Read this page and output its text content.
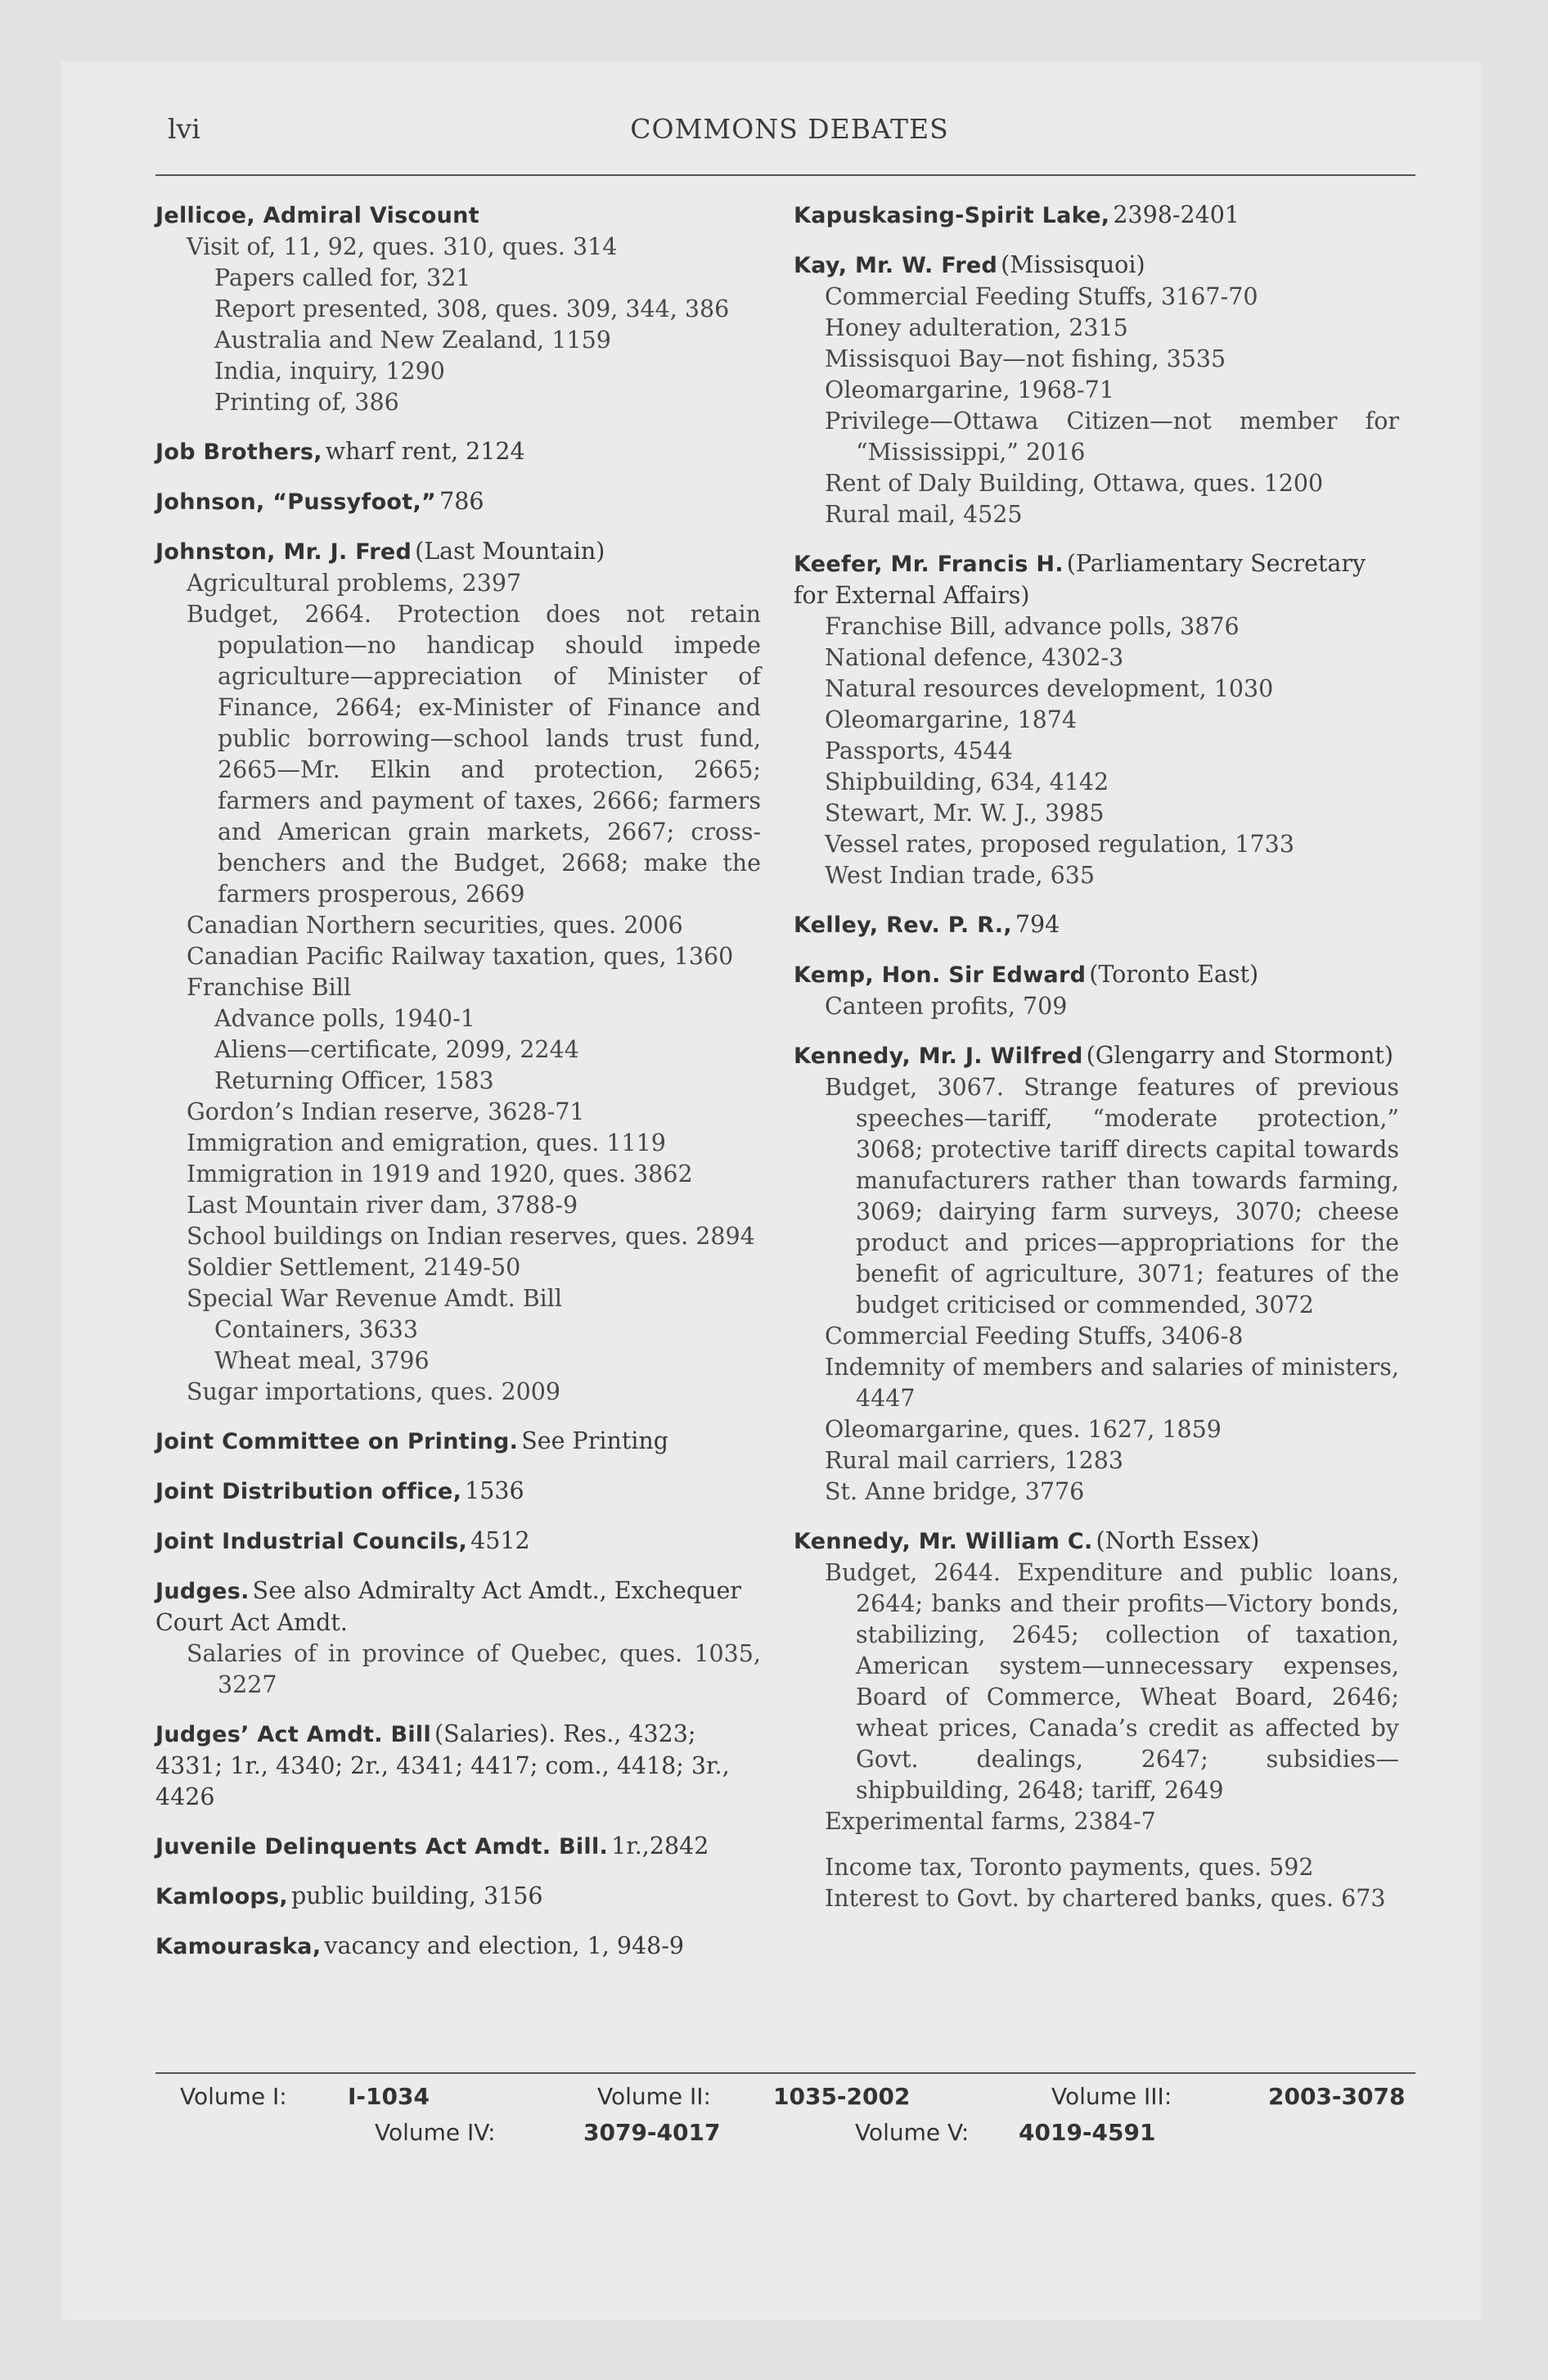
lvi	COMMONS DEBATES
Jellicoe, Admiral Viscount
Visit of, 11, 92, ques. 310, ques. 314
Papers called for, 321
Report presented, 308, ques. 309, 344, 386
Australia and New Zealand, 1159
India, inquiry, 1290
Printing of, 386
Job Brothers, wharf rent, 2124
Johnson, “Pussyfoot,” 786
Johnston, Mr. J. Fred (Last Mountain)
Agricultural problems, 2397
Budget, 2664. Protection does not retain population—no handicap should impede agriculture—appreciation of Minister of Finance, 2664; ex-Minister of Finance and public borrowing—school lands trust fund, 2665—Mr. Elkin and protection, 2665; farmers and payment of taxes, 2666; farmers and American grain markets, 2667; cross-benchers and the Budget, 2668; make the farmers prosperous, 2669
Canadian Northern securities, ques. 2006
Canadian Pacific Railway taxation, ques, 1360
Franchise Bill
Advance polls, 1940-1
Aliens—certificate, 2099, 2244
Returning Officer, 1583
Gordon’s Indian reserve, 3628-71
Immigration and emigration, ques. 1119
Immigration in 1919 and 1920, ques. 3862
Last Mountain river dam, 3788-9
School buildings on Indian reserves, ques. 2894
Soldier Settlement, 2149-50
Special War Revenue Amdt. Bill
Containers, 3633
Wheat meal, 3796
Sugar importations, ques. 2009
Joint Committee on Printing. See Printing
Joint Distribution office, 1536
Joint Industrial Councils, 4512
Judges. See also Admiralty Act Amdt., Exchequer Court Act Amdt.
Salaries of in province of Quebec, ques. 1035, 3227
Judges’ Act Amdt. Bill (Salaries). Res., 4323; 4331; 1r., 4340; 2r., 4341; 4417; com., 4418; 3r., 4426
Juvenile Delinquents Act Amdt. Bill. 1r.,2842
Kamloops, public building, 3156
Kamouraska, vacancy and election, 1, 948-9
Kapuskasing-Spirit Lake, 2398-2401
Kay, Mr. W. Fred (Missisquoi)
Commercial Feeding Stuffs, 3167-70
Honey adulteration, 2315
Missisquoi Bay—not fishing, 3535
Oleomargarine, 1968-71
Privilege—Ottawa Citizen—not member for “Mississippi,” 2016
Rent of Daly Building, Ottawa, ques. 1200
Rural mail, 4525
Keefer, Mr. Francis H. (Parliamentary Secretary for External Affairs)
Franchise Bill, advance polls, 3876
National defence, 4302-3
Natural resources development, 1030
Oleomargarine, 1874
Passports, 4544
Shipbuilding, 634, 4142
Stewart, Mr. W. J., 3985
Vessel rates, proposed regulation, 1733
West Indian trade, 635
Kelley, Rev. P. R., 794
Kemp, Hon. Sir Edward (Toronto East)
Canteen profits, 709
Kennedy, Mr. J. Wilfred (Glengarry and Stormont)
Budget, 3067. Strange features of previous speeches—tariff, “moderate protection,” 3068; protective tariff directs capital towards manufacturers rather than towards farming, 3069; dairying farm surveys, 3070; cheese product and prices—appropriations for the benefit of agriculture, 3071; features of the budget criticised or commended, 3072
Commercial Feeding Stuffs, 3406-8
Indemnity of members and salaries of ministers, 4447
Oleomargarine, ques. 1627, 1859
Rural mail carriers, 1283
St. Anne bridge, 3776
Kennedy, Mr. William C. (North Essex)
Budget, 2644. Expenditure and public loans, 2644; banks and their profits—Victory bonds, stabilizing, 2645; collection of taxation, American system—unnecessary expenses, Board of Commerce, Wheat Board, 2646; wheat prices, Canada’s credit as affected by Govt. dealings, 2647; subsidies—shipbuilding, 2648; tariff, 2649
Experimental farms, 2384-7
Income tax, Toronto payments, ques. 592
Interest to Govt. by chartered banks, ques. 673
Volume I:	I-1034	Volume II:	1035-2002	Volume III:	2003-3078
Volume IV:	3079-4017	Volume V: 4019-4591
